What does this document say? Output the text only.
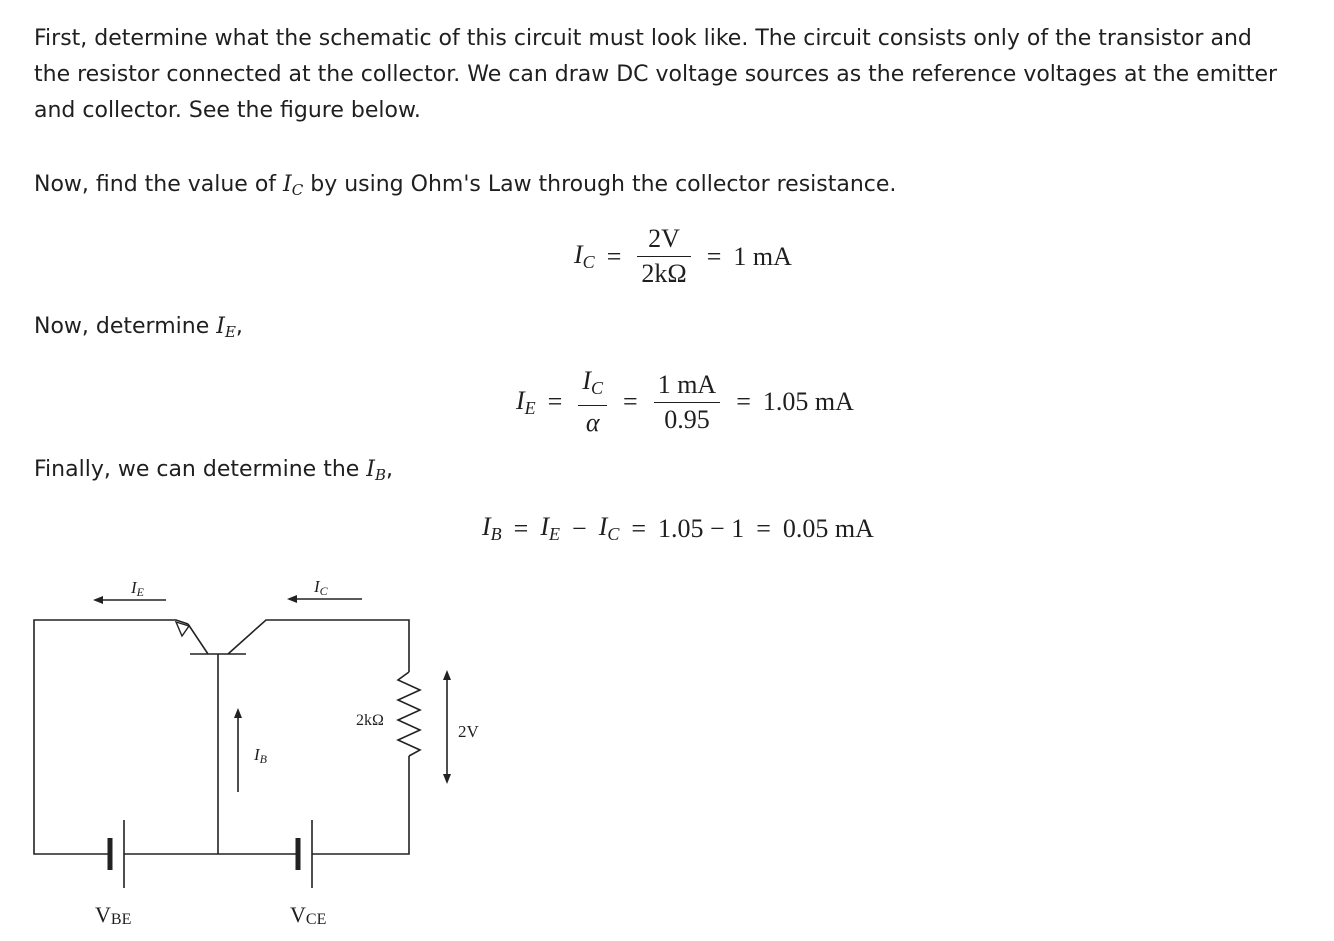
First, determine what the schematic of this circuit must look like. The circuit consists only of the transistor and the resistor connected at the collector. We can draw DC voltage sources as the reference voltages at the emitter and collector. See the figure below.

Now, find the value of IC by using Ohm's Law through the collector resistance.

IC = $\frac{2V}{2k\Omega} = 1$ mA

Now, determine IE,

IE = $\frac{IC}{\alpha} = \frac{1 mA}{0.95} = 1.05$ mA

Finally, we can determine the IB,

IB = IE − IC = 1.05 − 1 = 0.05 mA
IE	IC
IB
2kΩ
2V
VBE	VCE
